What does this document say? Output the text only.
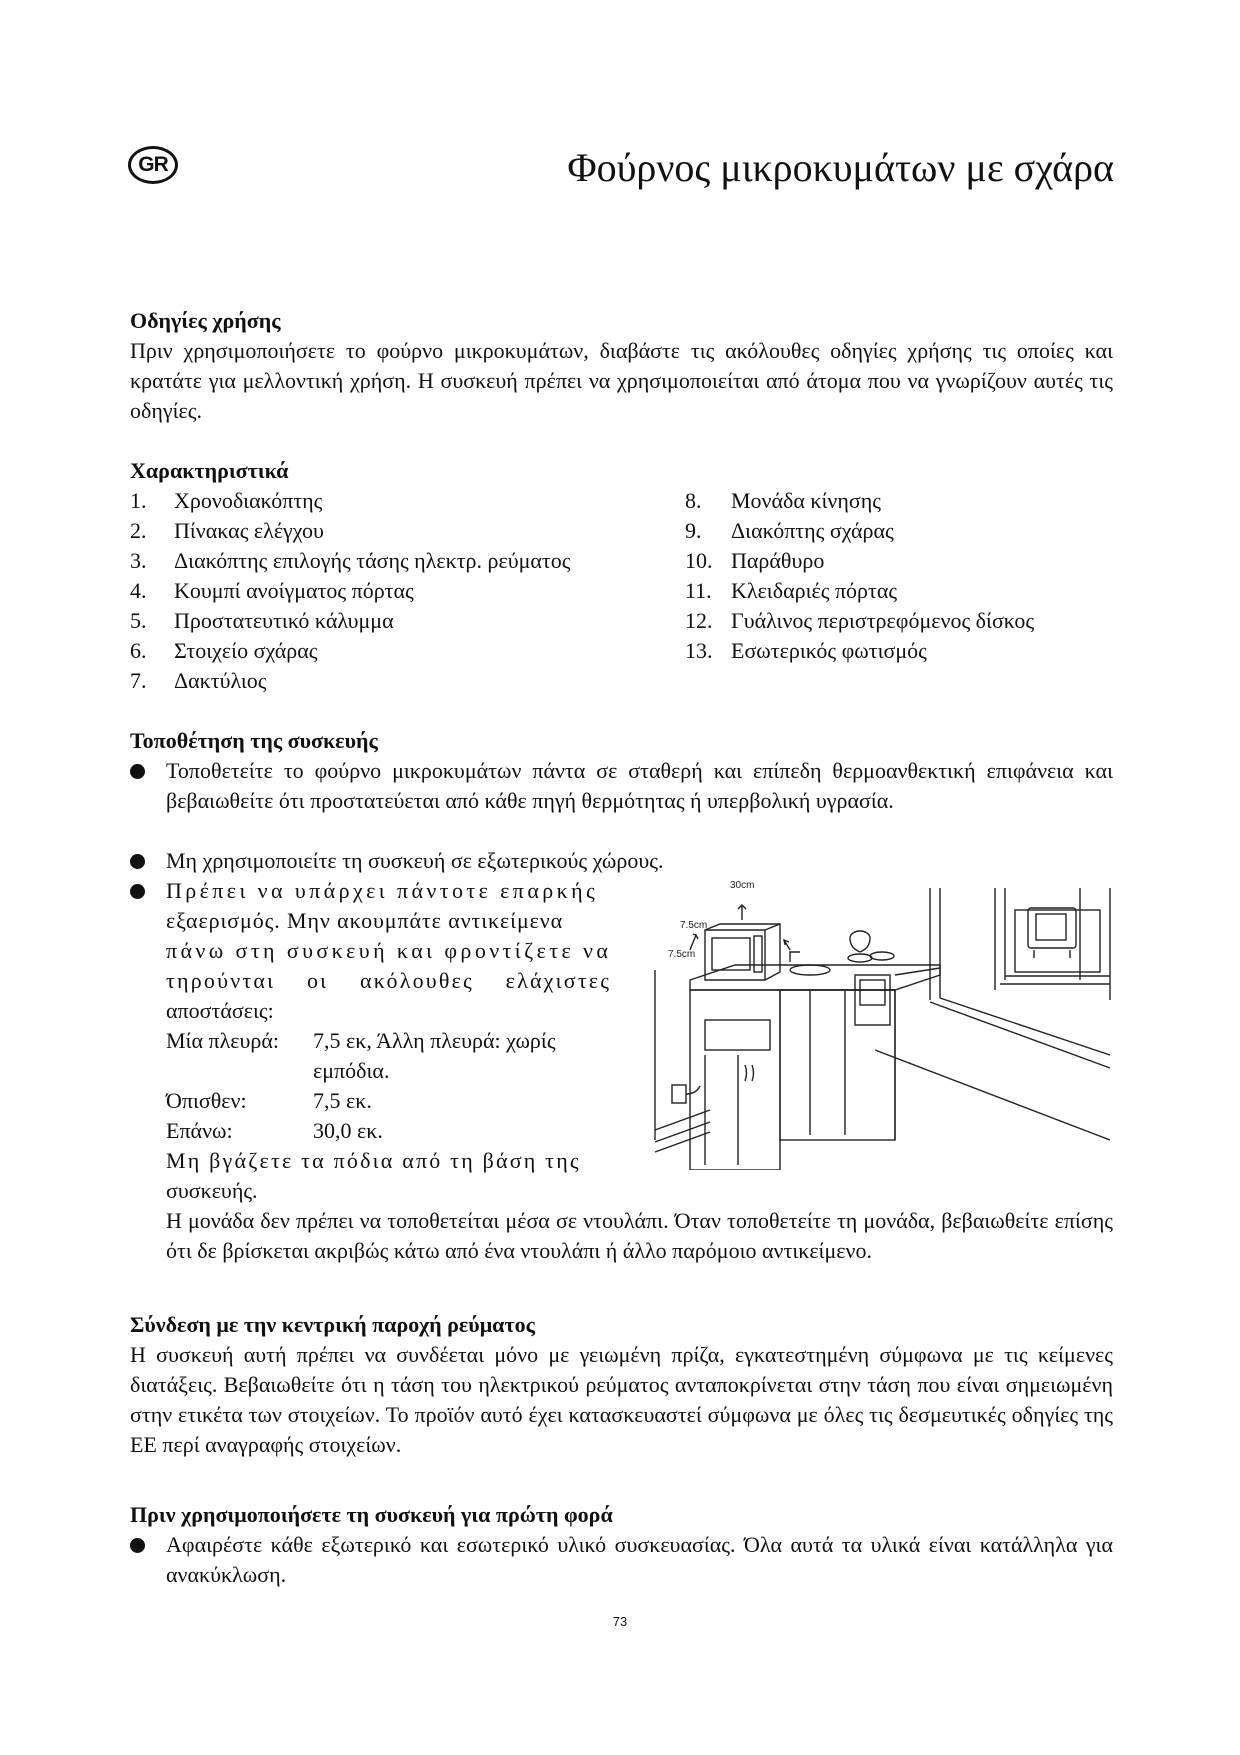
GR	Φούρνος μικροκυμάτων με σχάρα
Οδηγίες χρήσης
Πριν χρησιμοποιήσετε το φούρνο μικροκυμάτων, διαβάστε τις ακόλουθες οδηγίες χρήσης τις οποίες και κρατάτε για μελλοντική χρήση. Η συσκευή πρέπει να χρησιμοποιείται από άτομα που να γνωρίζουν αυτές τις οδηγίες.
Χαρακτηριστικά
1. Χρονοδιακόπτης
2. Πίνακας ελέγχου
3. Διακόπτης επιλογής τάσης ηλεκτρ. ρεύματος
4. Κουμπί ανοίγματος πόρτας
5. Προστατευτικό κάλυμμα
6. Στοιχείο σχάρας
7. Δακτύλιος
8. Μονάδα κίνησης
9. Διακόπτης σχάρας
10. Παράθυρο
11. Κλειδαριές πόρτας
12. Γυάλινος περιστρεφόμενος δίσκος
13. Εσωτερικός φωτισμός
Τοποθέτηση της συσκευής
Τοποθετείτε το φούρνο μικροκυμάτων πάντα σε σταθερή και επίπεδη θερμοανθεκτική επιφάνεια και βεβαιωθείτε ότι προστατεύεται από κάθε πηγή θερμότητας ή υπερβολική υγρασία.
Μη χρησιμοποιείτε τη συσκευή σε εξωτερικούς χώρους.
Πρέπει να υπάρχει πάντοτε επαρκής
εξαερισμός. Μην ακουμπάτε αντικείμενα
πάνω στη συσκευή και φροντίζετε να
τηρούνται οι ακόλουθες ελάχιστες
αποστάσεις:
Μία πλευρά: 7,5 εκ, Άλλη πλευρά: χωρίς
εμπόδια.
Όπισθεν:	7,5 εκ.
Επάνω:	30,0 εκ.
Μη βγάζετε τα πόδια από τη βάση της
συσκευής.
Η μονάδα δεν πρέπει να τοποθετείται μέσα σε ντουλάπι. Όταν τοποθετείτε τη μονάδα, βεβαιωθείτε επίσης ότι δε βρίσκεται ακριβώς κάτω από ένα ντουλάπι ή άλλο παρόμοιο αντικείμενο.
30cm
7.5cm
7.5cm
Σύνδεση με την κεντρική παροχή ρεύματος
Η συσκευή αυτή πρέπει να συνδέεται μόνο με γειωμένη πρίζα, εγκατεστημένη σύμφωνα με τις κείμενες διατάξεις. Βεβαιωθείτε ότι η τάση του ηλεκτρικού ρεύματος ανταποκρίνεται στην τάση που είναι σημειωμένη στην ετικέτα των στοιχείων. Το προϊόν αυτό έχει κατασκευαστεί σύμφωνα με όλες τις δεσμευτικές οδηγίες της ΕΕ περί αναγραφής στοιχείων.
Πριν χρησιμοποιήσετε τη συσκευή για πρώτη φορά
Αφαιρέστε κάθε εξωτερικό και εσωτερικό υλικό συσκευασίας. Όλα αυτά τα υλικά είναι κατάλληλα για ανακύκλωση.
73
